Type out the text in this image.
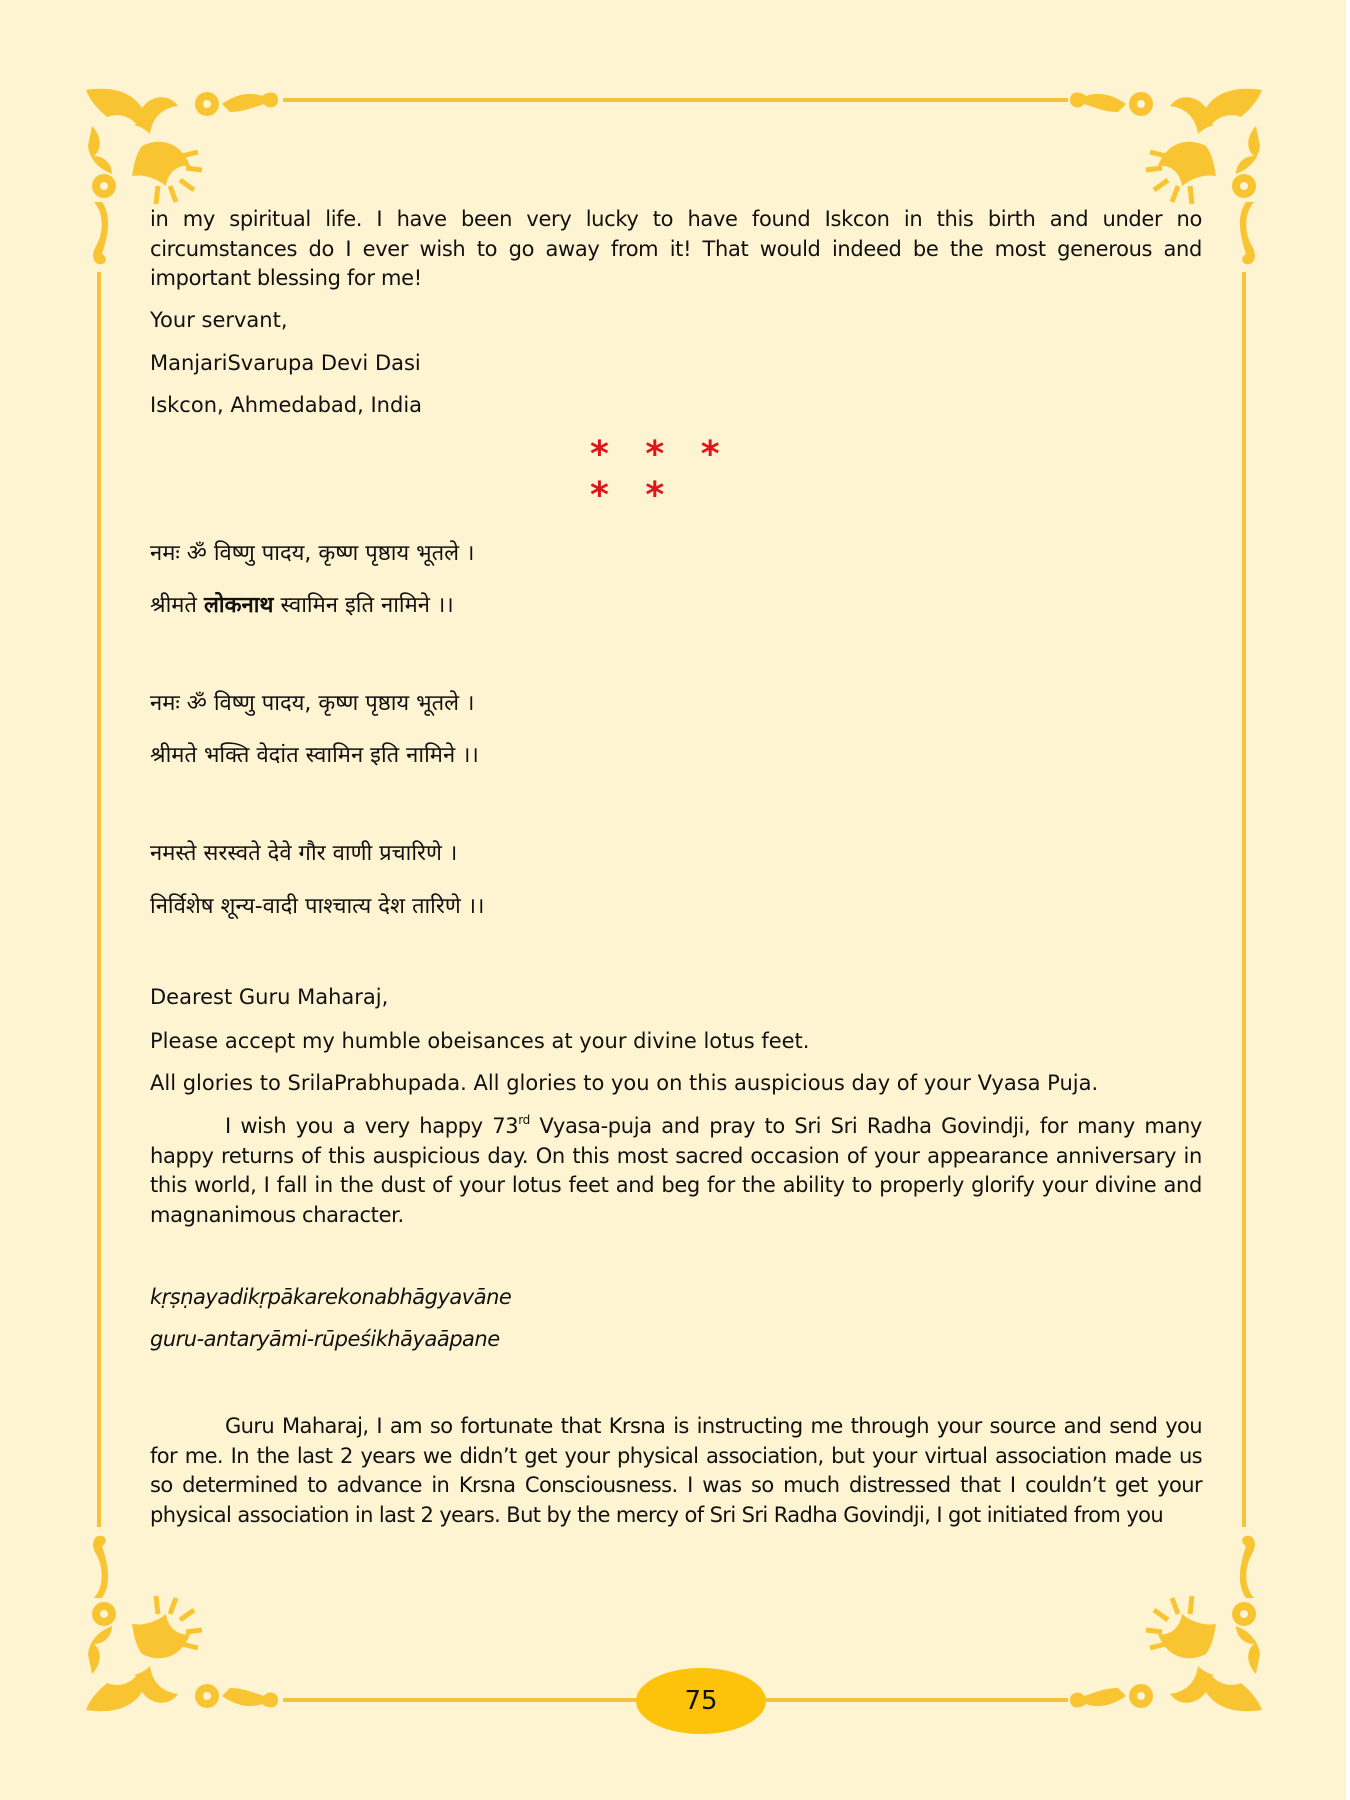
in my spiritual life. I have been very lucky to have found Iskcon in this birth and under no circumstances do I ever wish to go away from it! That would indeed be the most generous and important blessing for me!
Your servant,
ManjariSvarupa Devi Dasi
Iskcon, Ahmedabad, India
* * * * *
नमः ॐ विष्णु पादय, कृष्ण पृष्ठाय भूतले ।
श्रीमते लोकनाथ स्वामिन इति नामिने ।।
नमः ॐ विष्णु पादय, कृष्ण पृष्ठाय भूतले ।
श्रीमते भक्ति वेदांत स्वामिन इति नामिने ।।
नमस्ते सरस्वते देवे गौर वाणी प्रचारिणे ।
निर्विशेष शून्य-वादी पाश्चात्य देश तारिणे ।।
Dearest Guru Maharaj,
Please accept my humble obeisances at your divine lotus feet.
All glories to SrilaPrabhupada. All glories to you on this auspicious day of your Vyasa Puja.
I wish you a very happy 73rd Vyasa-puja and pray to Sri Sri Radha Govindji, for many many happy returns of this auspicious day. On this most sacred occasion of your appearance anniversary in this world, I fall in the dust of your lotus feet and beg for the ability to properly glorify your divine and magnanimous character.
kṛṣṇayadikṛpākarekonabhāgyavāne
guru-antaryāmi-rūpeśikhāyaāpane
Guru Maharaj, I am so fortunate that Krsna is instructing me through your source and send you for me. In the last 2 years we didn’t get your physical association, but your virtual association made us so determined to advance in Krsna Consciousness. I was so much distressed that I couldn’t get your physical association in last 2 years. But by the mercy of Sri Sri Radha Govindji, I got initiated from you
75
